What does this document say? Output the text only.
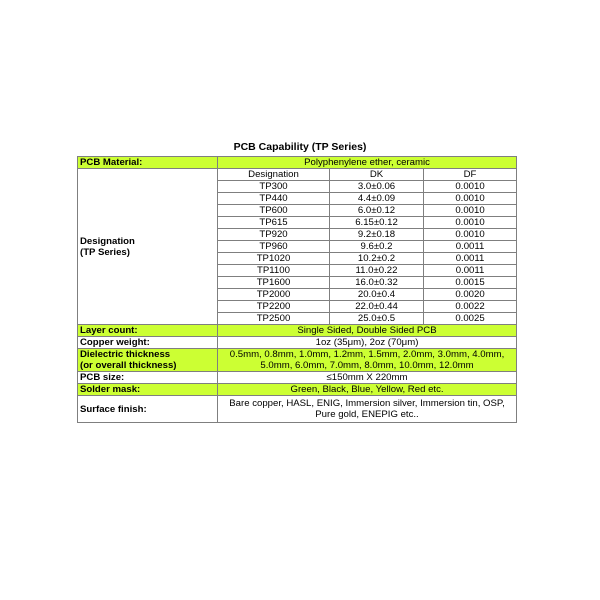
PCB Capability (TP Series)
PCB Material:	Polyphenylene ether, ceramic		
Designation
(TP Series)	Designation	DK	DF
	TP300	3.0±0.06	0.0010
	TP440	4.4±0.09	0.0010
	TP600	6.0±0.12	0.0010
	TP615	6.15±0.12	0.0010
	TP920	9.2±0.18	0.0010
	TP960	9.6±0.2	0.0011
	TP1020	10.2±0.2	0.0011
	TP1100	11.0±0.22	0.0011
	TP1600	16.0±0.32	0.0015
	TP2000	20.0±0.4	0.0020
	TP2200	22.0±0.44	0.0022
	TP2500	25.0±0.5	0.0025
Layer count:	Single Sided, Double Sided PCB		
Copper weight:	1oz (35μm), 2oz (70μm)		
Dielectric thickness
(or overall thickness)	0.5mm, 0.8mm, 1.0mm, 1.2mm, 1.5mm, 2.0mm, 3.0mm, 4.0mm,
5.0mm, 6.0mm, 7.0mm, 8.0mm, 10.0mm, 12.0mm		
PCB size:	≤150mm X 220mm		
Solder mask:	Green, Black, Blue, Yellow, Red etc.		
Surface finish:	Bare copper, HASL, ENIG, Immersion silver, Immersion tin, OSP,
Pure gold, ENEPIG etc..		
